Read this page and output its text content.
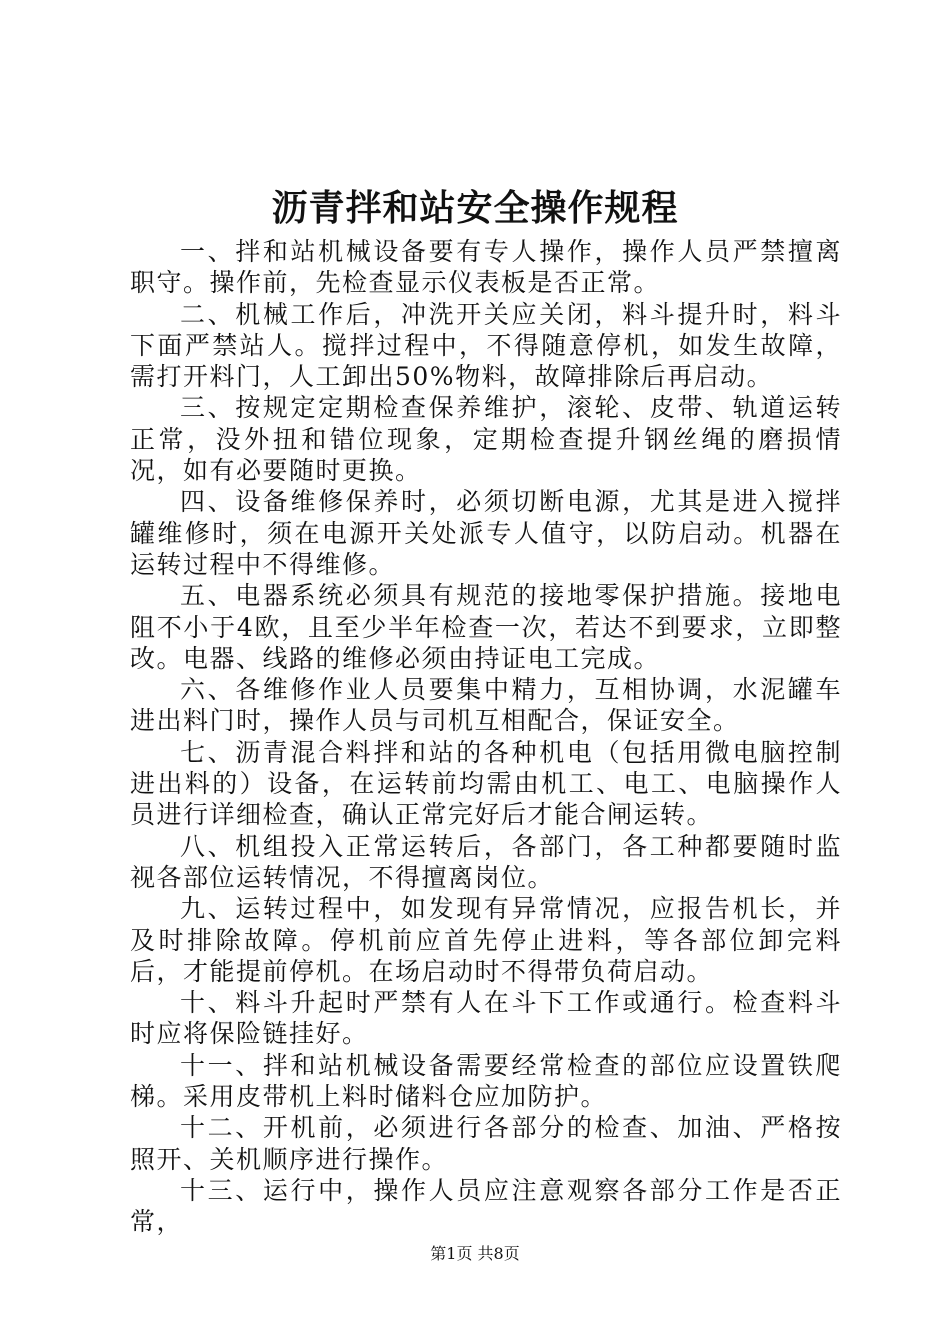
沥青拌和站安全操作规程

一、拌和站机械设备要有专人操作，操作人员严禁擅离职守。操作前，先检查显示仪表板是否正常。

二、机械工作后，冲洗开关应关闭，料斗提升时，料斗下面严禁站人。搅拌过程中，不得随意停机，如发生故障，需打开料门，人工卸出50%物料，故障排除后再启动。

三、按规定定期检查保养维护，滚轮、皮带、轨道运转正常，没外扭和错位现象，定期检查提升钢丝绳的磨损情况，如有必要随时更换。

四、设备维修保养时，必须切断电源，尤其是进入搅拌罐维修时，须在电源开关处派专人值守，以防启动。机器在运转过程中不得维修。

五、电器系统必须具有规范的接地零保护措施。接地电阻不小于4欧，且至少半年检查一次，若达不到要求，立即整改。电器、线路的维修必须由持证电工完成。

六、各维修作业人员要集中精力，互相协调，水泥罐车进出料门时，操作人员与司机互相配合，保证安全。

七、沥青混合料拌和站的各种机电（包括用微电脑控制进出料的）设备，在运转前均需由机工、电工、电脑操作人员进行详细检查，确认正常完好后才能合闸运转。

八、机组投入正常运转后，各部门，各工种都要随时监视各部位运转情况，不得擅离岗位。

九、运转过程中，如发现有异常情况，应报告机长，并及时排除故障。停机前应首先停止进料，等各部位卸完料后，才能提前停机。在场启动时不得带负荷启动。

十、料斗升起时严禁有人在斗下工作或通行。检查料斗时应将保险链挂好。

十一、拌和站机械设备需要经常检查的部位应设置铁爬梯。采用皮带机上料时储料仓应加防护。

十二、开机前，必须进行各部分的检查、加油、严格按照开、关机顺序进行操作。

十三、运行中，操作人员应注意观察各部分工作是否正常，

第1页 共8页
